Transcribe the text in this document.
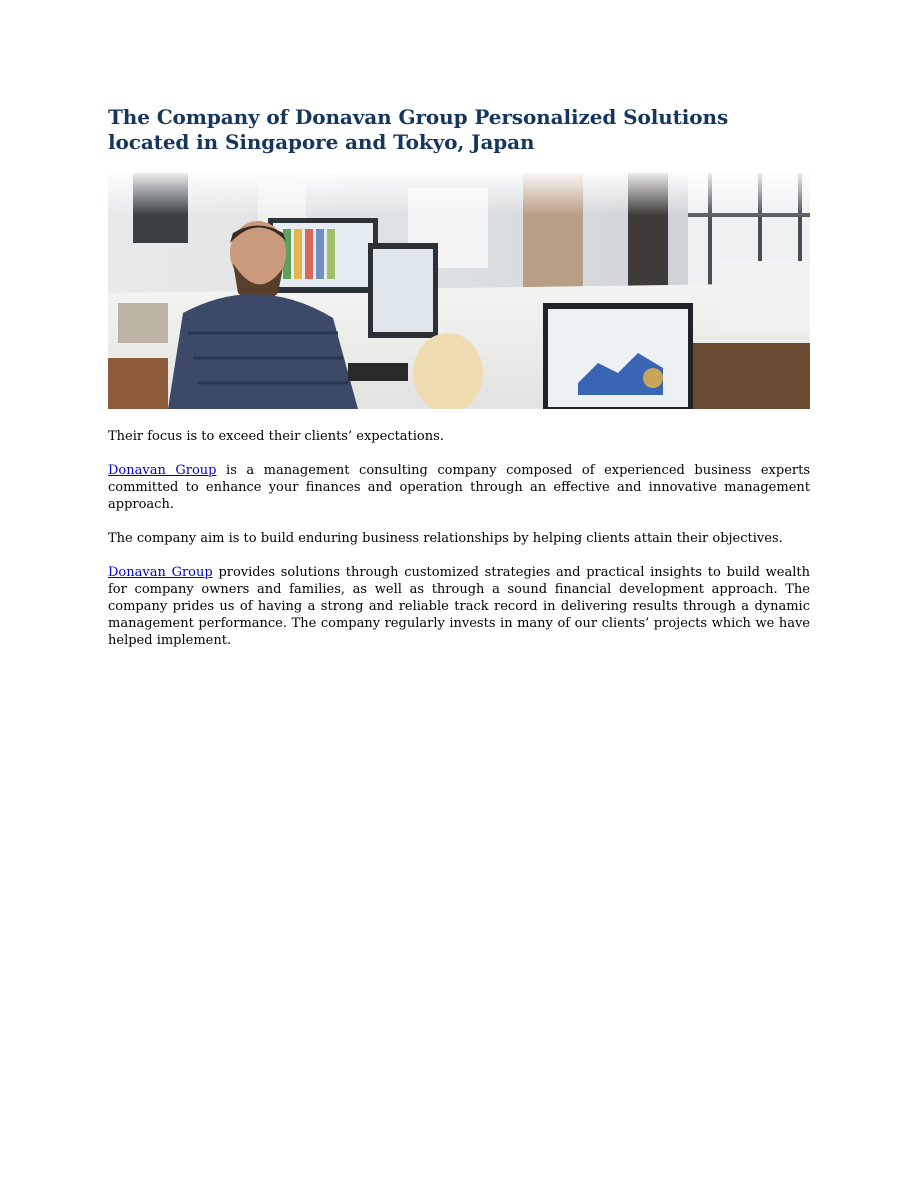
The Company of Donavan Group Personalized Solutions located in Singapore and Tokyo, Japan

Their focus is to exceed their clients’ expectations.

Donavan Group is a management consulting company composed of experienced business experts committed to enhance your finances and operation through an effective and innovative management approach.

The company aim is to build enduring business relationships by helping clients attain their objectives.

Donavan Group provides solutions through customized strategies and practical insights to build wealth for company owners and families, as well as through a sound financial development approach. The company prides us of having a strong and reliable track record in delivering results through a dynamic management performance. The company regularly invests in many of our clients’ projects which we have helped implement.
